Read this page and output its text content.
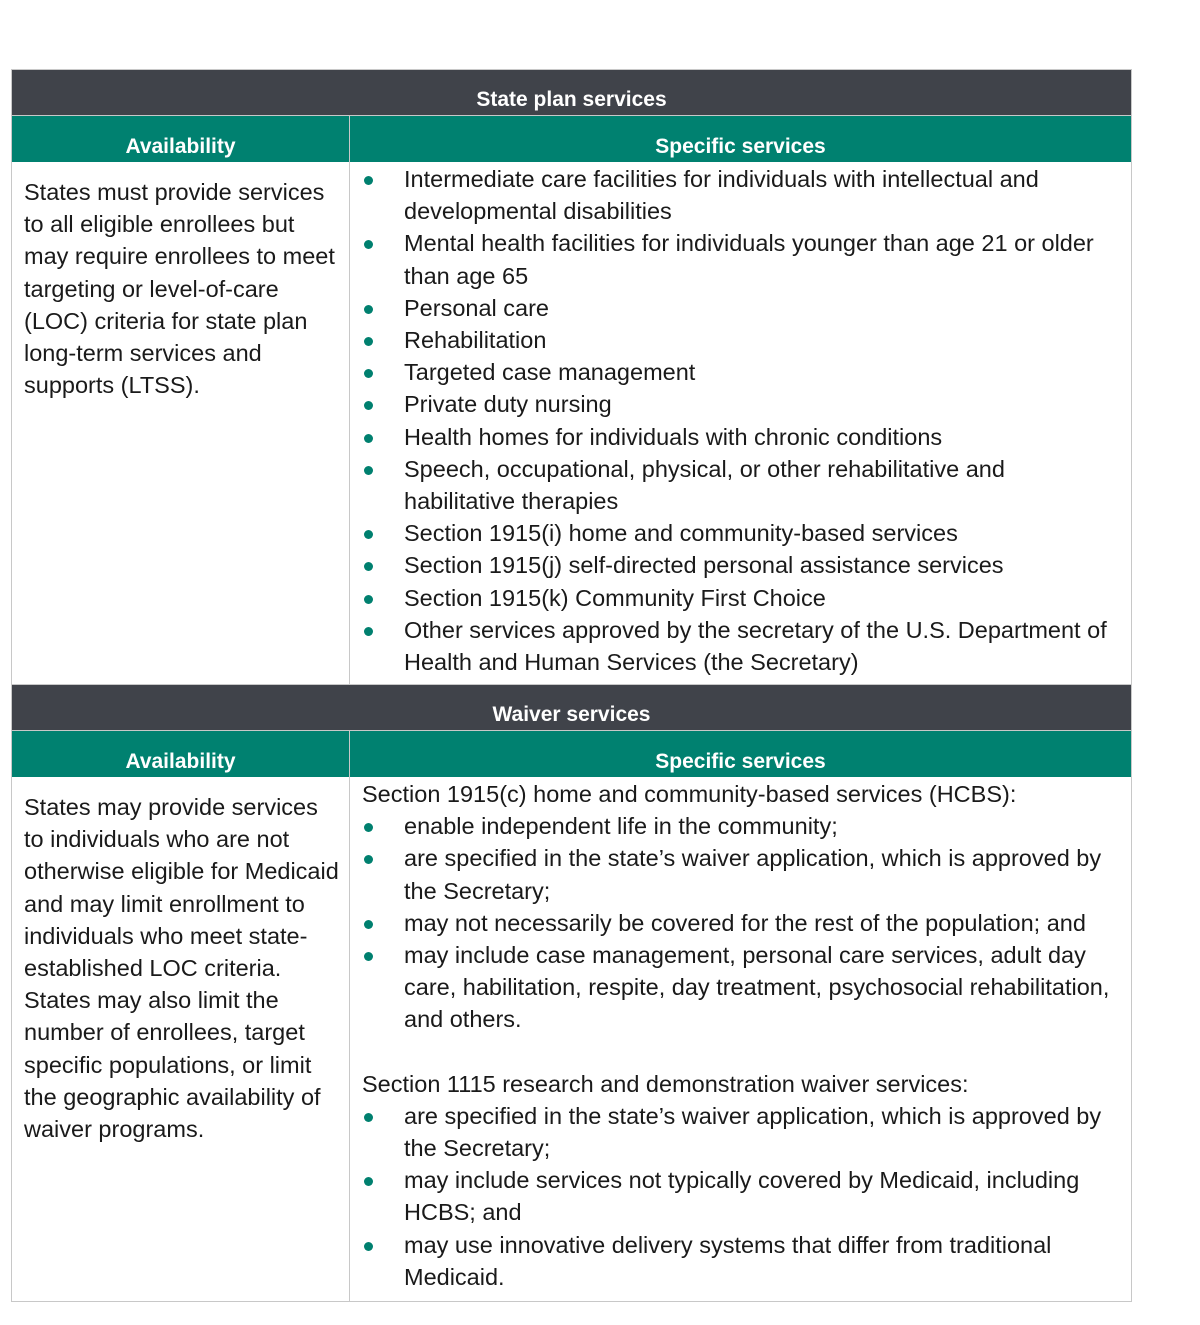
State plan services
Availability	Specific services
States must provide services to all eligible enrollees but may require enrollees to meet targeting or level-of-care (LOC) criteria for state plan long-term services and supports (LTSS).
Intermediate care facilities for individuals with intellectual and developmental disabilities
Mental health facilities for individuals younger than age 21 or older than age 65
Personal care
Rehabilitation
Targeted case management
Private duty nursing
Health homes for individuals with chronic conditions
Speech, occupational, physical, or other rehabilitative and habilitative therapies
Section 1915(i) home and community-based services
Section 1915(j) self-directed personal assistance services
Section 1915(k) Community First Choice
Other services approved by the secretary of the U.S. Department of Health and Human Services (the Secretary)
Waiver services
Availability	Specific services

States may provide services to individuals who are not otherwise eligible for Medicaid and may limit enrollment to individuals who meet state-established LOC criteria.

States may also limit the number of enrollees, target specific populations, or limit the geographic availability of waiver programs.

Section 1915(c) home and community-based services (HCBS):
enable independent life in the community;
are specified in the state’s waiver application, which is approved by the Secretary;
may not necessarily be covered for the rest of the population; and
may include case management, personal care services, adult day care, habilitation, respite, day treatment, psychosocial rehabilitation, and others.
Section 1115 research and demonstration waiver services:
are specified in the state’s waiver application, which is approved by the Secretary;
may include services not typically covered by Medicaid, including HCBS; and
may use innovative delivery systems that differ from traditional Medicaid.
